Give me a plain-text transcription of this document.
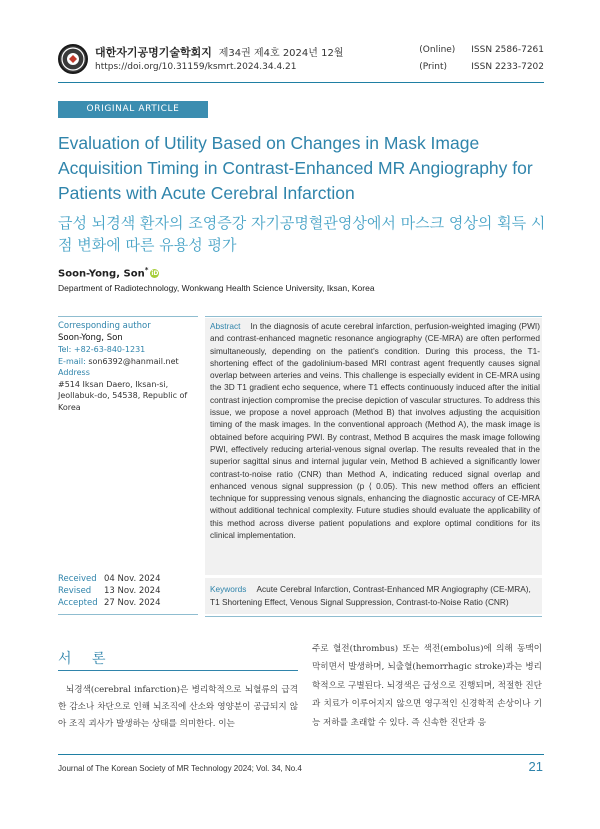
대한자기공명기술학회지 제34권 제4호 2024년 12월
https://doi.org/10.31159/ksmrt.2024.34.4.21
(Online) ISSN 2586-7261
(Print)	ISSN 2233-7202
ORIGINAL ARTICLE
Evaluation of Utility Based on Changes in Mask Image Acquisition Timing in Contrast-Enhanced MR Angiography for Patients with Acute Cerebral Infarction
급성 뇌경색 환자의 조영증강 자기공명혈관영상에서 마스크 영상의 획득 시점 변화에 따른 유용성 평가
Soon-Yong, Son* iD
Department of Radiotechnology, Wonkwang Health Science University, Iksan, Korea
Corresponding author
Soon-Yong, Son
Tel: +82-63-840-1231
E-mail: son6392@hanmail.net
Address
#514 Iksan Daero, Iksan-si, Jeollabuk-do, 54538, Republic of Korea
Received 04 Nov. 2024
Revised 13 Nov. 2024
Accepted 27 Nov. 2024
Abstract In the diagnosis of acute cerebral infarction, perfusion-weighted imaging (PWI) and contrast-enhanced magnetic resonance angiography (CE-MRA) are often performed simultaneously, depending on the patient's condition. During this process, the T1-shortening effect of the gadolinium-based MRI contrast agent frequently causes signal overlap between arteries and veins. This challenge is especially evident in CE-MRA using the 3D T1 gradient echo sequence, where T1 effects continuously induced after the initial contrast injection compromise the precise depiction of vascular structures. To address this issue, we propose a novel approach (Method B) that involves adjusting the acquisition timing of the mask images. In the conventional approach (Method A), the mask image is obtained before acquiring PWI. By contrast, Method B acquires the mask image following PWI, effectively reducing arterial-venous signal overlap. The results revealed that in the superior sagittal sinus and internal jugular vein, Method B achieved a significantly lower contrast-to-noise ratio (CNR) than Method A, indicating reduced signal overlap and enhanced venous signal suppression (p ⟨ 0.05). This new method offers an efficient technique for suppressing venous signals, enhancing the diagnostic accuracy of CE-MRA without additional technical complexity. Future studies should evaluate the applicability of this method across diverse patient populations and explore optimal conditions for its clinical implementation.
Keywords Acute Cerebral Infarction, Contrast-Enhanced MR Angiography (CE-MRA), T1 Shortening Effect, Venous Signal Suppression, Contrast-to-Noise Ratio (CNR)
서 론
뇌경색(cerebral infarction)은 병리학적으로 뇌혈류의 급격한 감소나 차단으로 인해 뇌조직에 산소와 영양분이 공급되지 않아 조직 괴사가 발생하는 상태를 의미한다. 이는
주로 혈전(thrombus) 또는 색전(embolus)에 의해 동맥이 막히면서 발생하며, 뇌출혈(hemorrhagic stroke)과는 병리학적으로 구별된다. 뇌경색은 급성으로 진행되며, 적절한 진단과 치료가 이루어지지 않으면 영구적인 신경학적 손상이나 기능 저하를 초래할 수 있다. 즉 신속한 진단과 응
Journal of The Korean Society of MR Technology 2024; Vol. 34, No.4	21
